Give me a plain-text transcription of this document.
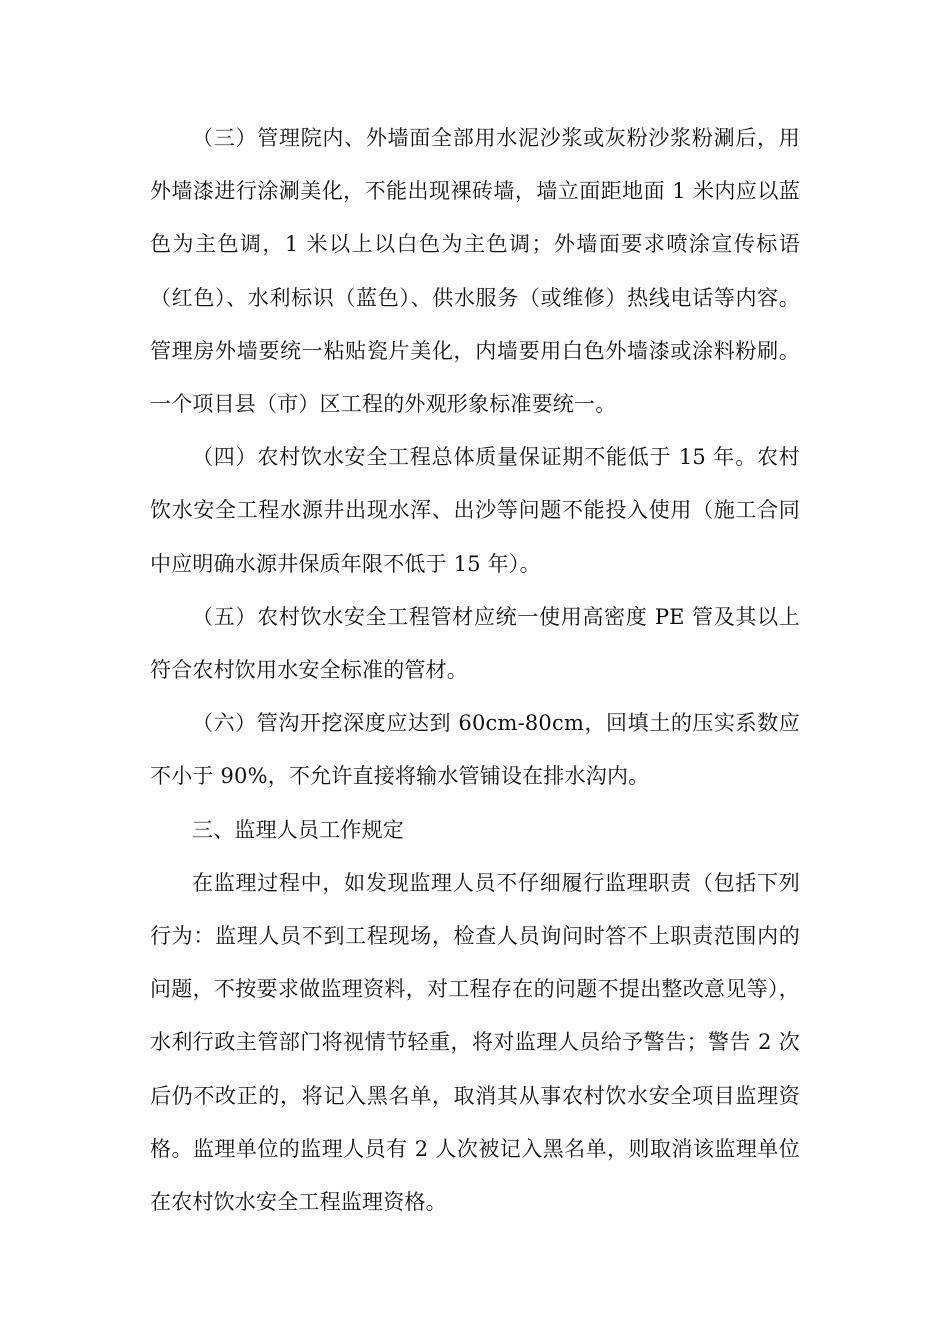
（三）管理院内、外墙面全部用水泥沙浆或灰粉沙浆粉涮后，用外墙漆进行涂涮美化，不能出现裸砖墙，墙立面距地面 1 米内应以蓝色为主色调，1 米以上以白色为主色调；外墙面要求喷涂宣传标语（红色）、水利标识（蓝色）、供水服务（或维修）热线电话等内容。管理房外墙要统一粘贴瓷片美化，内墙要用白色外墙漆或涂料粉刷。一个项目县（市）区工程的外观形象标准要统一。

（四）农村饮水安全工程总体质量保证期不能低于 15 年。农村饮水安全工程水源井出现水浑、出沙等问题不能投入使用（施工合同中应明确水源井保质年限不低于 15 年）。

（五）农村饮水安全工程管材应统一使用高密度 PE 管及其以上符合农村饮用水安全标准的管材。

（六）管沟开挖深度应达到 60cm-80cm，回填土的压实系数应不小于 90%，不允许直接将输水管铺设在排水沟内。

三、监理人员工作规定

在监理过程中，如发现监理人员不仔细履行监理职责（包括下列行为：监理人员不到工程现场，检查人员询问时答不上职责范围内的问题，不按要求做监理资料，对工程存在的问题不提出整改意见等），水利行政主管部门将视情节轻重，将对监理人员给予警告；警告 2 次后仍不改正的，将记入黑名单，取消其从事农村饮水安全项目监理资格。监理单位的监理人员有 2 人次被记入黑名单，则取消该监理单位在农村饮水安全工程监理资格。
